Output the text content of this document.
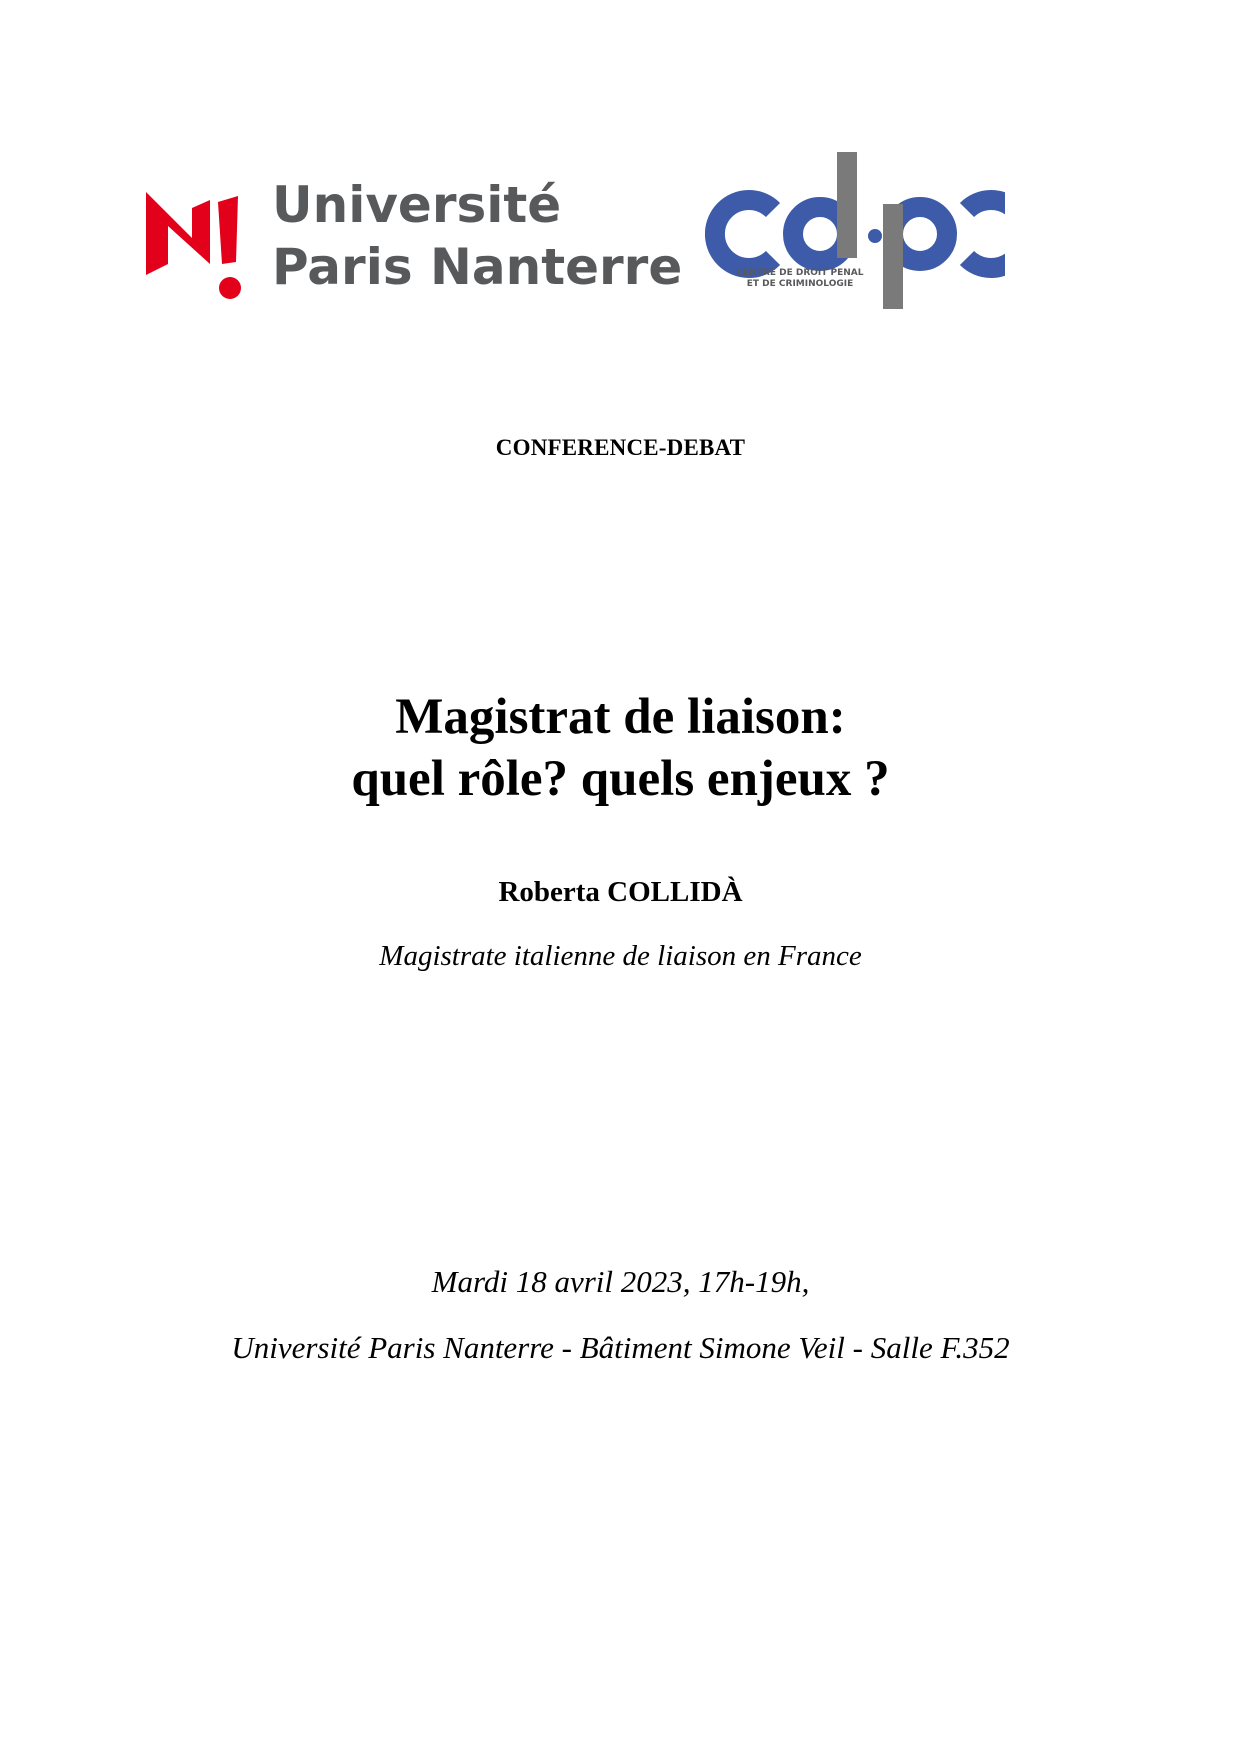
Université
Paris Nanterre	CENTRE DE DROIT PENAL
ET DE CRIMINOLOGIE
CONFERENCE-DEBAT
Magistrat de liaison:
quel rôle? quels enjeux ?
Roberta COLLIDÀ
Magistrate italienne de liaison en France
Mardi 18 avril 2023, 17h-19h,
Université Paris Nanterre - Bâtiment Simone Veil - Salle F.352
